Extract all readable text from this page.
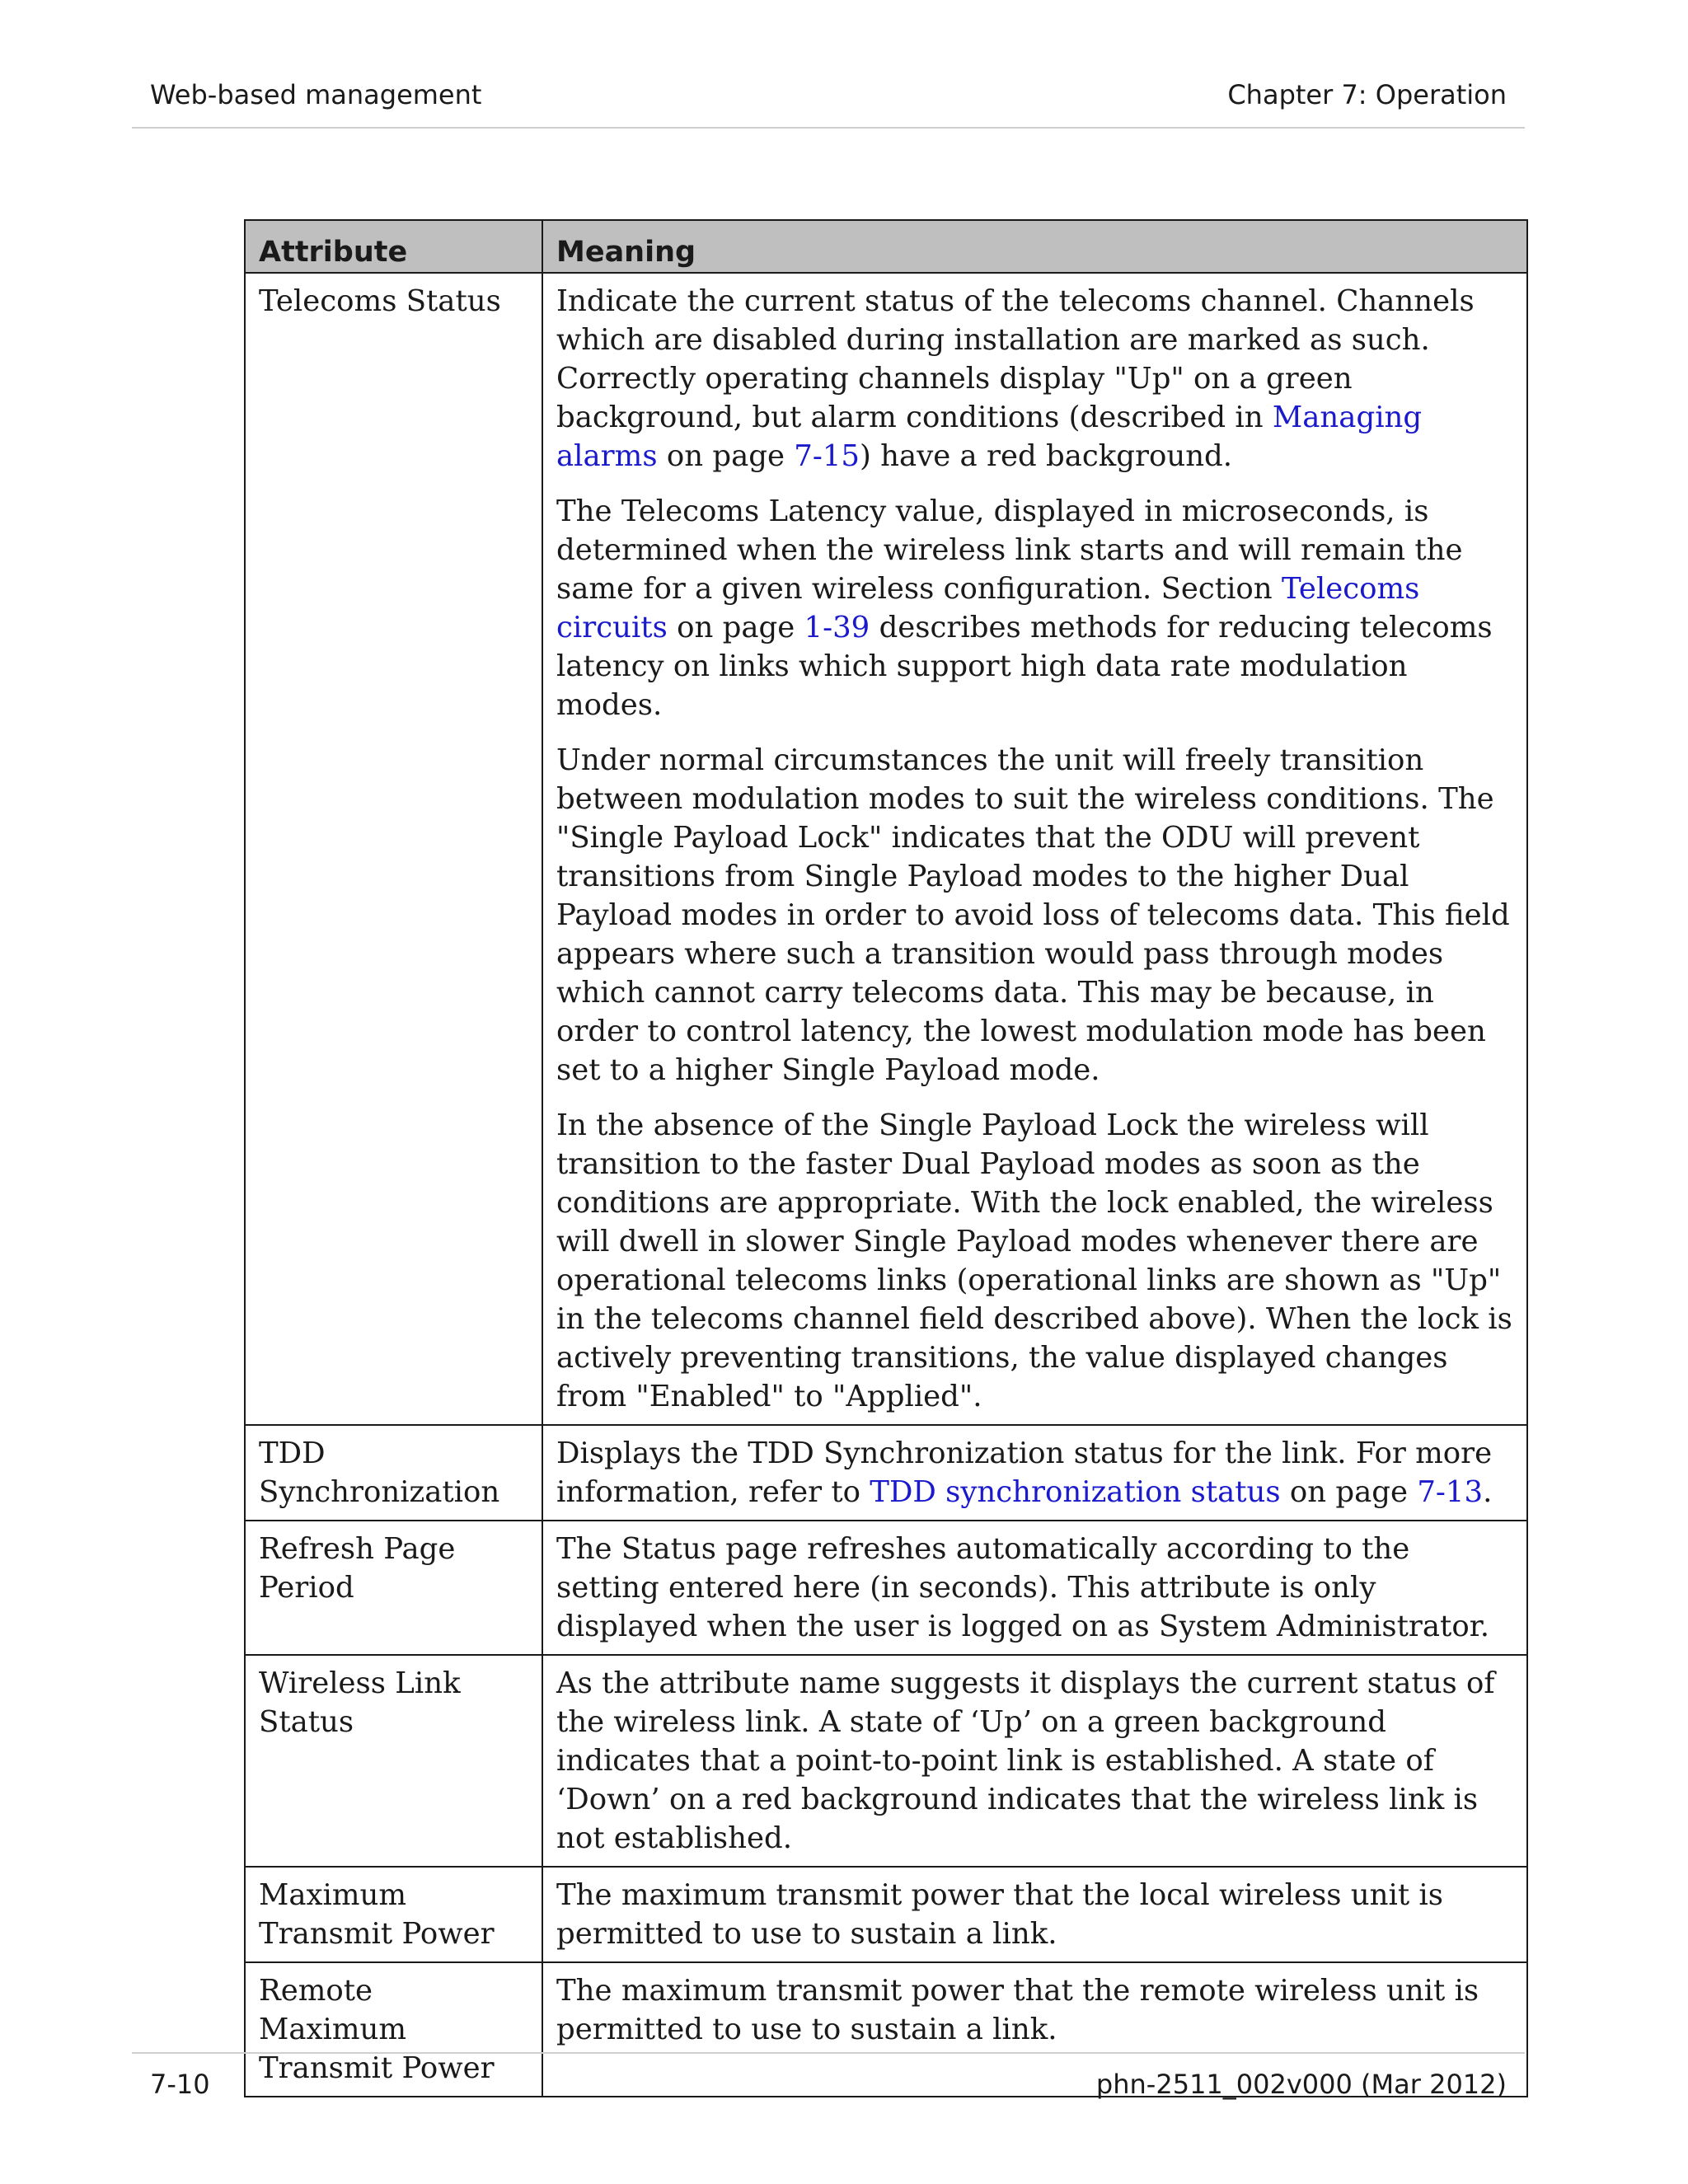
Web-based management	Chapter 7: Operation
Attribute	Meaning
Telecoms Status	Indicate the current status of the telecoms channel. Channels which are disabled during installation are marked as such. Correctly operating channels display "Up" on a green background, but alarm conditions (described in Managing alarms on page 7-15) have a red background.

The Telecoms Latency value, displayed in microseconds, is determined when the wireless link starts and will remain the same for a given wireless configuration. Section Telecoms circuits on page 1-39 describes methods for reducing telecoms latency on links which support high data rate modulation modes.

Under normal circumstances the unit will freely transition between modulation modes to suit the wireless conditions. The "Single Payload Lock" indicates that the ODU will prevent transitions from Single Payload modes to the higher Dual Payload modes in order to avoid loss of telecoms data. This field appears where such a transition would pass through modes which cannot carry telecoms data. This may be because, in order to control latency, the lowest modulation mode has been set to a higher Single Payload mode.

In the absence of the Single Payload Lock the wireless will transition to the faster Dual Payload modes as soon as the conditions are appropriate. With the lock enabled, the wireless will dwell in slower Single Payload modes whenever there are operational telecoms links (operational links are shown as "Up" in the telecoms channel field described above). When the lock is actively preventing transitions, the value displayed changes from "Enabled" to "Applied".

TDD Synchronization	Displays the TDD Synchronization status for the link. For more information, refer to TDD synchronization status on page 7-13.

Refresh Page Period	The Status page refreshes automatically according to the setting entered here (in seconds). This attribute is only displayed when the user is logged on as System Administrator.
Wireless Link Status	As the attribute name suggests it displays the current status of the wireless link. A state of ‘Up’ on a green background indicates that a point-to-point link is established. A state of ‘Down’ on a red background indicates that the wireless link is not established.
Maximum Transmit Power	The maximum transmit power that the local wireless unit is permitted to use to sustain a link.
Remote Maximum Transmit Power	The maximum transmit power that the remote wireless unit is permitted to use to sustain a link.
7-10	phn-2511_002v000 (Mar 2012)
